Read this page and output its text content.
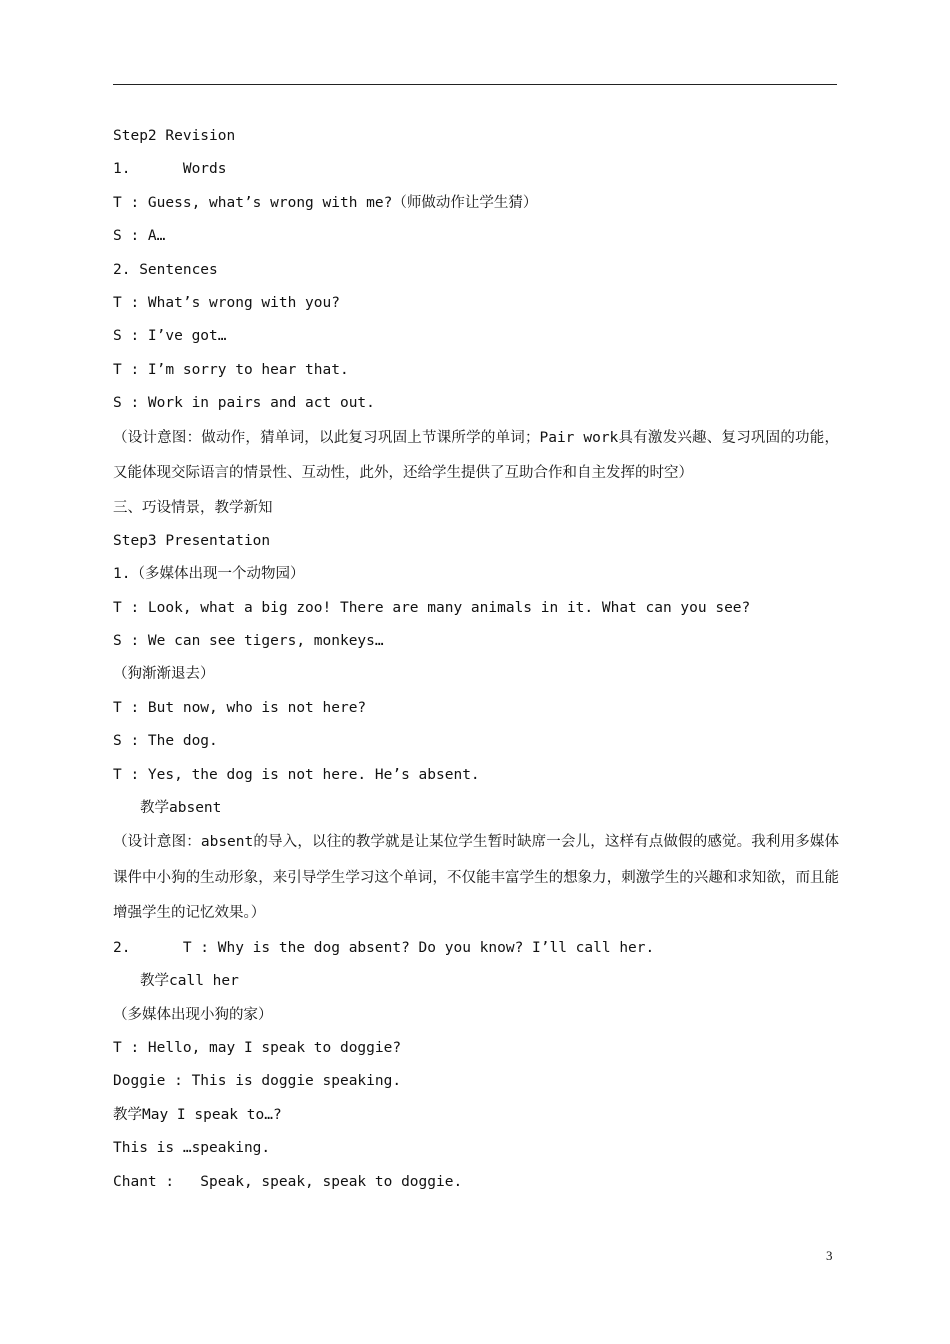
Step2 Revision
1.      Words
T : Guess, what’s wrong with me?（师做动作让学生猜）
S : A…
2. Sentences
T : What’s wrong with you?
S : I’ve got…
T : I’m sorry to hear that.
S : Work in pairs and act out.
（设计意图：做动作，猜单词，以此复习巩固上节课所学的单词；Pair work具有激发兴趣、复习巩固的功能，又能体现交际语言的情景性、互动性，此外，还给学生提供了互助合作和自主发挥的时空）
三、巧设情景，教学新知
Step3 Presentation
1.（多媒体出现一个动物园）
T : Look, what a big zoo! There are many animals in it. What can you see?
S : We can see tigers, monkeys…
（狗渐渐退去）
T : But now, who is not here?
S : The dog.
T : Yes, the dog is not here. He’s absent.
教学absent
（设计意图：absent的导入，以往的教学就是让某位学生暂时缺席一会儿，这样有点做假的感觉。我利用多媒体课件中小狗的生动形象，来引导学生学习这个单词，不仅能丰富学生的想象力，刺激学生的兴趣和求知欲，而且能增强学生的记忆效果。）
2.      T : Why is the dog absent? Do you know? I’ll call her.
教学call her
（多媒体出现小狗的家）
T : Hello, may I speak to doggie?
Doggie : This is doggie speaking.
教学May I speak to…?
This is …speaking.
Chant :   Speak, speak, speak to doggie.
3
